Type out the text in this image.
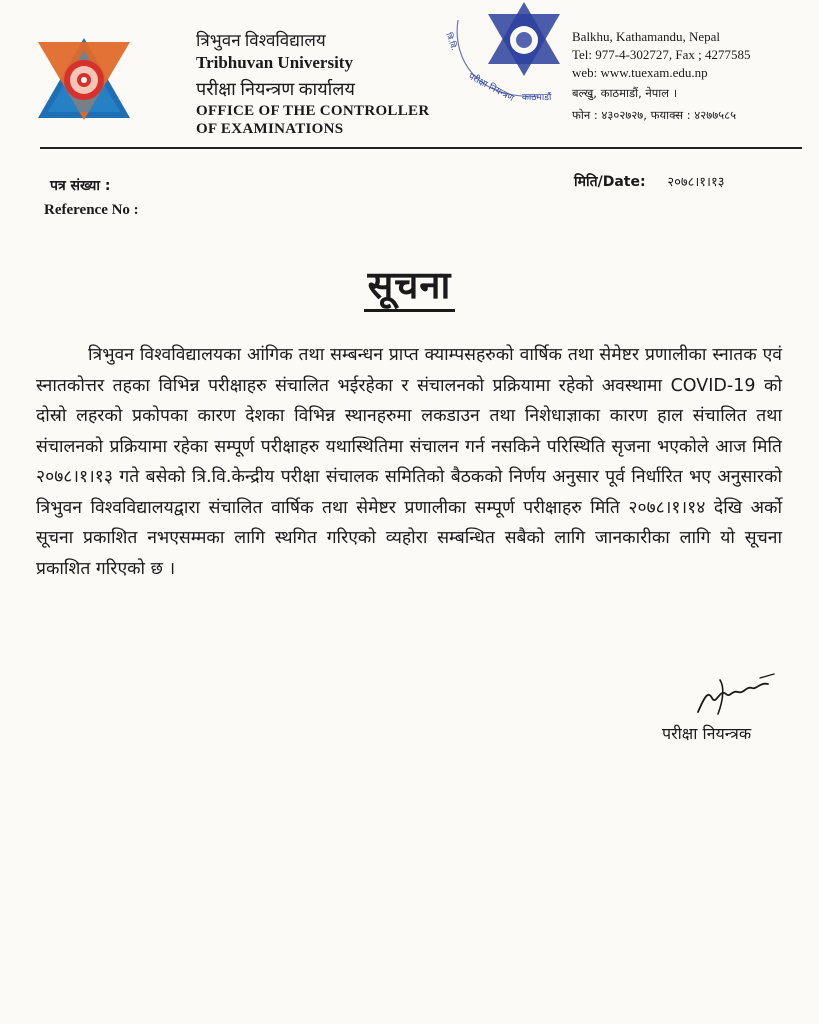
त्रिभुवन विश्वविद्यालय
Tribhuvan University
परीक्षा नियन्त्रण कार्यालय
OFFICE OF THE CONTROLLER
OF EXAMINATIONS
परीक्षा नियन्त्रण काठमाडौं
त्रि.वि.	Balkhu, Kathamandu, Nepal
Tel: 977-4-302727, Fax ; 4277585
web: www.tuexam.edu.np
बल्खु, काठमाडौं, नेपाल ।
फोन : ४३०२७२७, फयाक्स : ४२७७५८५
पत्र संख्या :
Reference No :
मिति/Date: २०७८।१।१३
सूचना
त्रिभुवन विश्वविद्यालयका आंगिक तथा सम्बन्धन प्राप्त क्याम्पसहरुको वार्षिक तथा सेमेष्टर प्रणालीका स्नातक एवं स्नातकोत्तर तहका विभिन्न परीक्षाहरु संचालित भईरहेका र संचालनको प्रक्रियामा रहेको अवस्थामा COVID-19 को दोस्रो लहरको प्रकोपका कारण देशका विभिन्न स्थानहरुमा लकडाउन तथा निशेधाज्ञाका कारण हाल संचालित तथा संचालनको प्रक्रियामा रहेका सम्पूर्ण परीक्षाहरु यथास्थितिमा संचालन गर्न नसकिने परिस्थिति सृजना भएकोले आज मिति २०७८।१।१३ गते बसेको त्रि.वि.केन्द्रीय परीक्षा संचालक समितिको बैठकको निर्णय अनुसार पूर्व निर्धारित भए अनुसारको त्रिभुवन विश्वविद्यालयद्वारा संचालित वार्षिक तथा सेमेष्टर प्रणालीका सम्पूर्ण परीक्षाहरु मिति २०७८।१।१४ देखि अर्को सूचना प्रकाशित नभएसम्मका लागि स्थगित गरिएको व्यहोरा सम्बन्धित सबैको लागि जानकारीका लागि यो सूचना प्रकाशित गरिएको छ ।
परीक्षा नियन्त्रक
